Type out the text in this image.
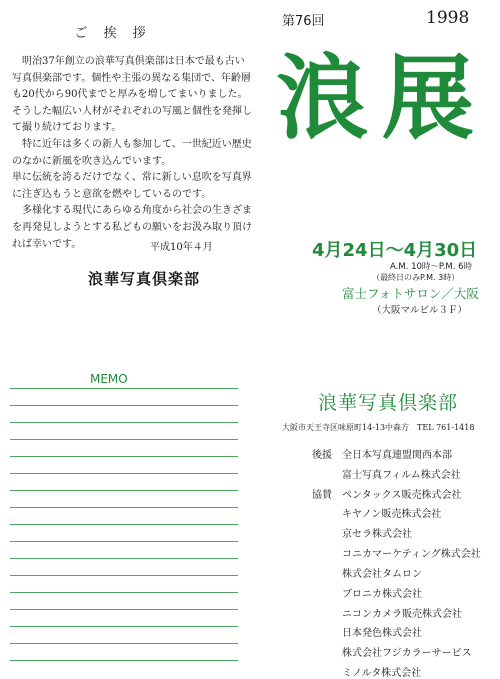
ご 挨 拶

明治37年創立の浪華写真倶楽部は日本で最も古い写真倶楽部です。個性や主張の異なる集団で、年齢層も20代から90代までと厚みを増してまいりました。そうした幅広い人材がそれぞれの写風と個性を発揮して撮り続けております。

特に近年は多くの新人も参加して、一世紀近い歴史のなかに新風を吹き込んでいます。

単に伝統を誇るだけでなく、常に新しい息吹を写真界に注ぎ込もうと意欲を燃やしているのです。

多様化する現代にあらゆる角度から社会の生きざまを再発見しようとする私どもの願いをお汲み取り頂ければ幸いです。	平成10年４月
浪華写真倶楽部
第76回	1998
浪展
4月24日～4月30日
A.M. 10時～P.M. 6時
（最終日のみP.M. 3時）
富士フォトサロン／大阪
（大阪マルビル３Ｆ）
MEMO
浪華写真倶楽部
大阪市天王寺区味原町14-13中森方　TEL 761-1418
後援 全日本写真連盟関西本部
富士写真フィルム株式会社
協賛 ペンタックス販売株式会社
キヤノン販売株式会社
京セラ株式会社
コニカマーケティング株式会社
株式会社タムロン
ブロニカ株式会社
ニコンカメラ販売株式会社
日本発色株式会社
株式会社フジカラーサービス
ミノルタ株式会社
